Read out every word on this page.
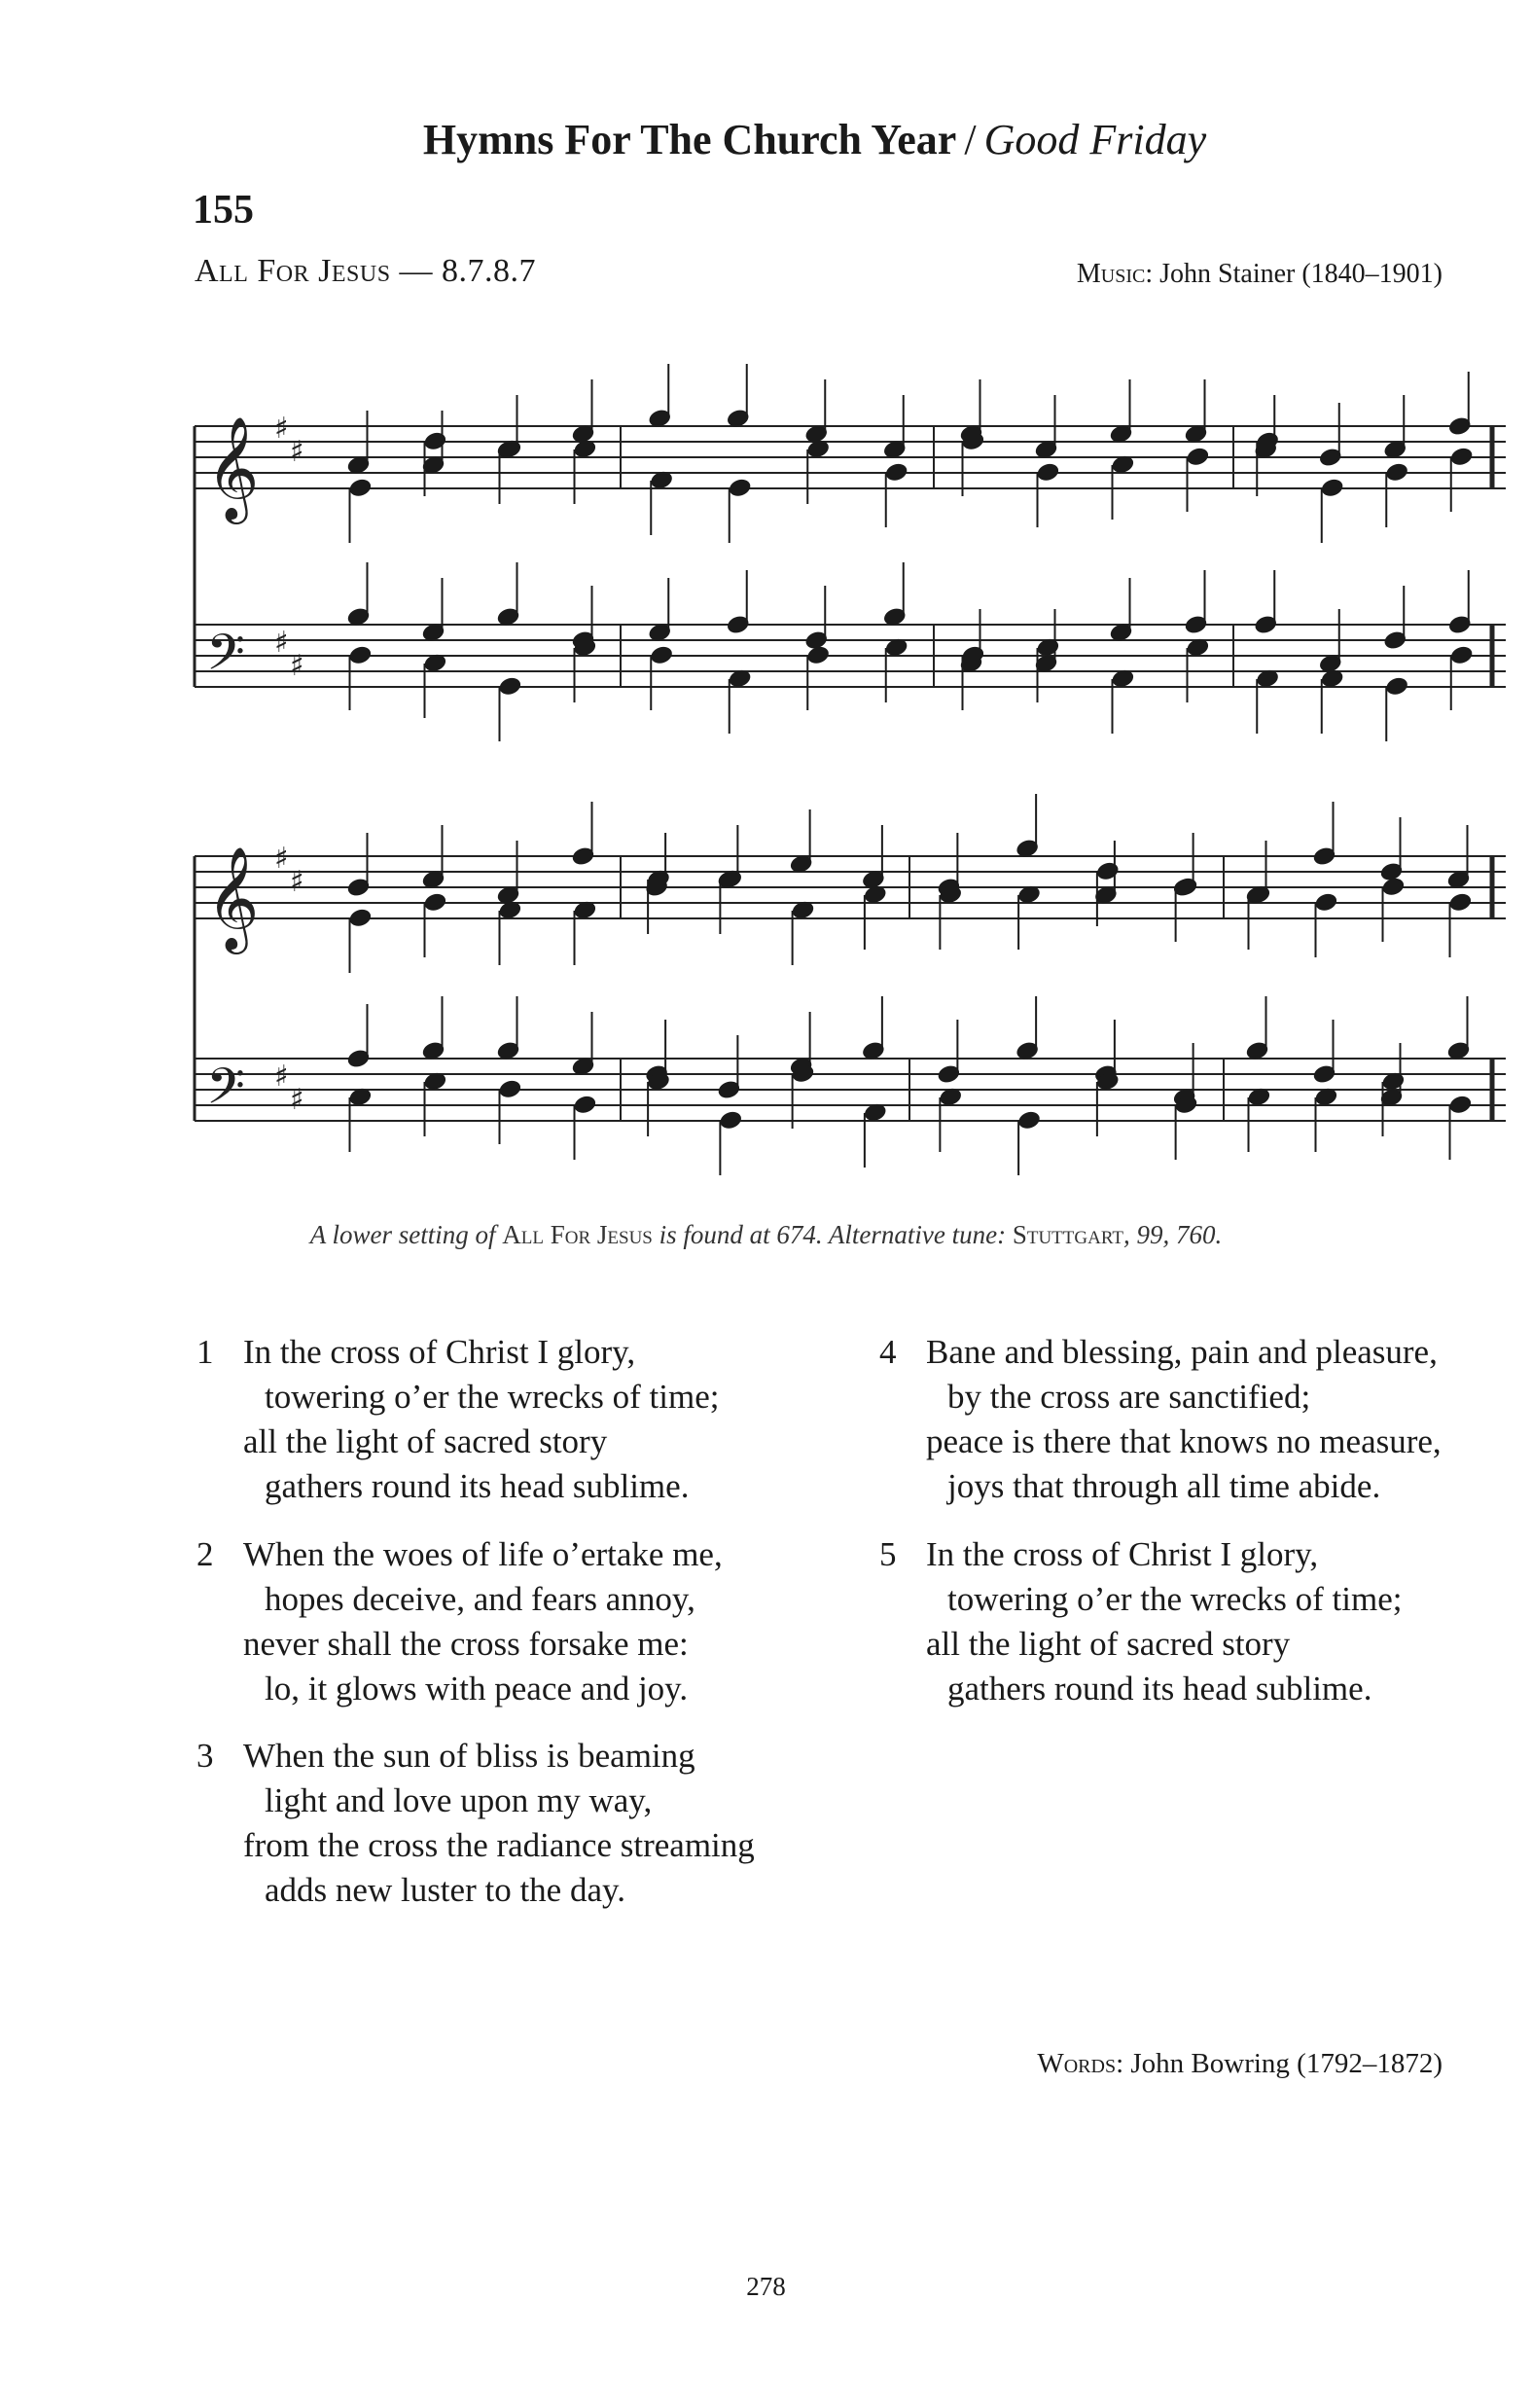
Hymns For The Church Year / Good Friday
155
All For Jesus — 8.7.8.7	Music: John Stainer (1840–1901)
𝄞
𝄢
♯
♯
♯
♯
𝄞
𝄢
♯
♯
♯
♯
A lower setting of All For Jesus is found at 674. Alternative tune: Stuttgart, 99, 760.
1 In the cross of Christ I glory,
towering o’er the wrecks of time;
all the light of sacred story
gathers round its head sublime.
2 When the woes of life o’ertake me,
hopes deceive, and fears annoy,
never shall the cross forsake me:
lo, it glows with peace and joy.
3 When the sun of bliss is beaming
light and love upon my way,
from the cross the radiance streaming
adds new luster to the day.
4 Bane and blessing, pain and pleasure,
by the cross are sanctified;
peace is there that knows no measure,
joys that through all time abide.
5 In the cross of Christ I glory,
towering o’er the wrecks of time;
all the light of sacred story
gathers round its head sublime.
Words: John Bowring (1792–1872)
278
